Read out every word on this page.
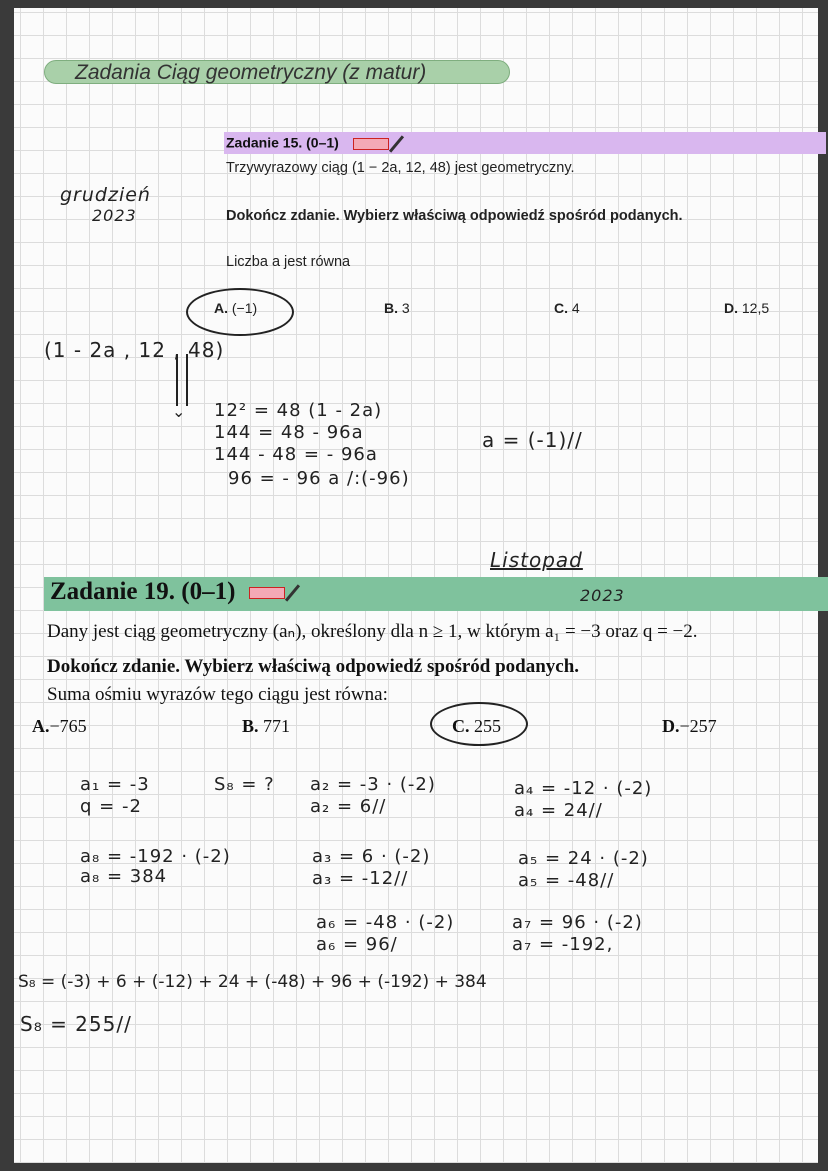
Zadania Ciąg geometryczny (z matur)
grudzień
2023
Zadanie 15. (0–1)
Trzywyrazowy ciąg (1 − 2a, 12, 48) jest geometryczny.
Dokończ zdanie. Wybierz właściwą odpowiedź spośród podanych.
Liczba a jest równa
A. (−1)	B. 3	C. 4	D. 12,5
(1 - 2a , 12 , 48)
⌄ 12² = 48 (1 - 2a)
144 = 48 - 96a
144 - 48 = - 96a
96 = - 96 a /:(-96)
a = (-1)//
Listopad
2023
Zadanie 19. (0–1)
Dany jest ciąg geometryczny (aₙ), określony dla n ≥ 1, w którym a₁ = −3 oraz q = −2.
Dokończ zdanie. Wybierz właściwą odpowiedź spośród podanych.
Suma ośmiu wyrazów tego ciągu jest równa:
A.−765	B. 771	C. 255	D.−257
a₁ = -3
q = -2
S₈ = ? a₂ = -3 · (-2)
a₂ = 6//
a₄ = -12 · (-2)
a₄ = 24//
a₈ = -192 · (-2)
a₈ = 384
a₃ = 6 · (-2)
a₃ = -12//
a₅ = 24 · (-2)
a₅ = -48//
a₆ = -48 · (-2)
a₆ = 96/
a₇ = 96 · (-2)
a₇ = -192,
S₈ = (-3) + 6 + (-12) + 24 + (-48) + 96 + (-192) + 384
S₈ = 255//
